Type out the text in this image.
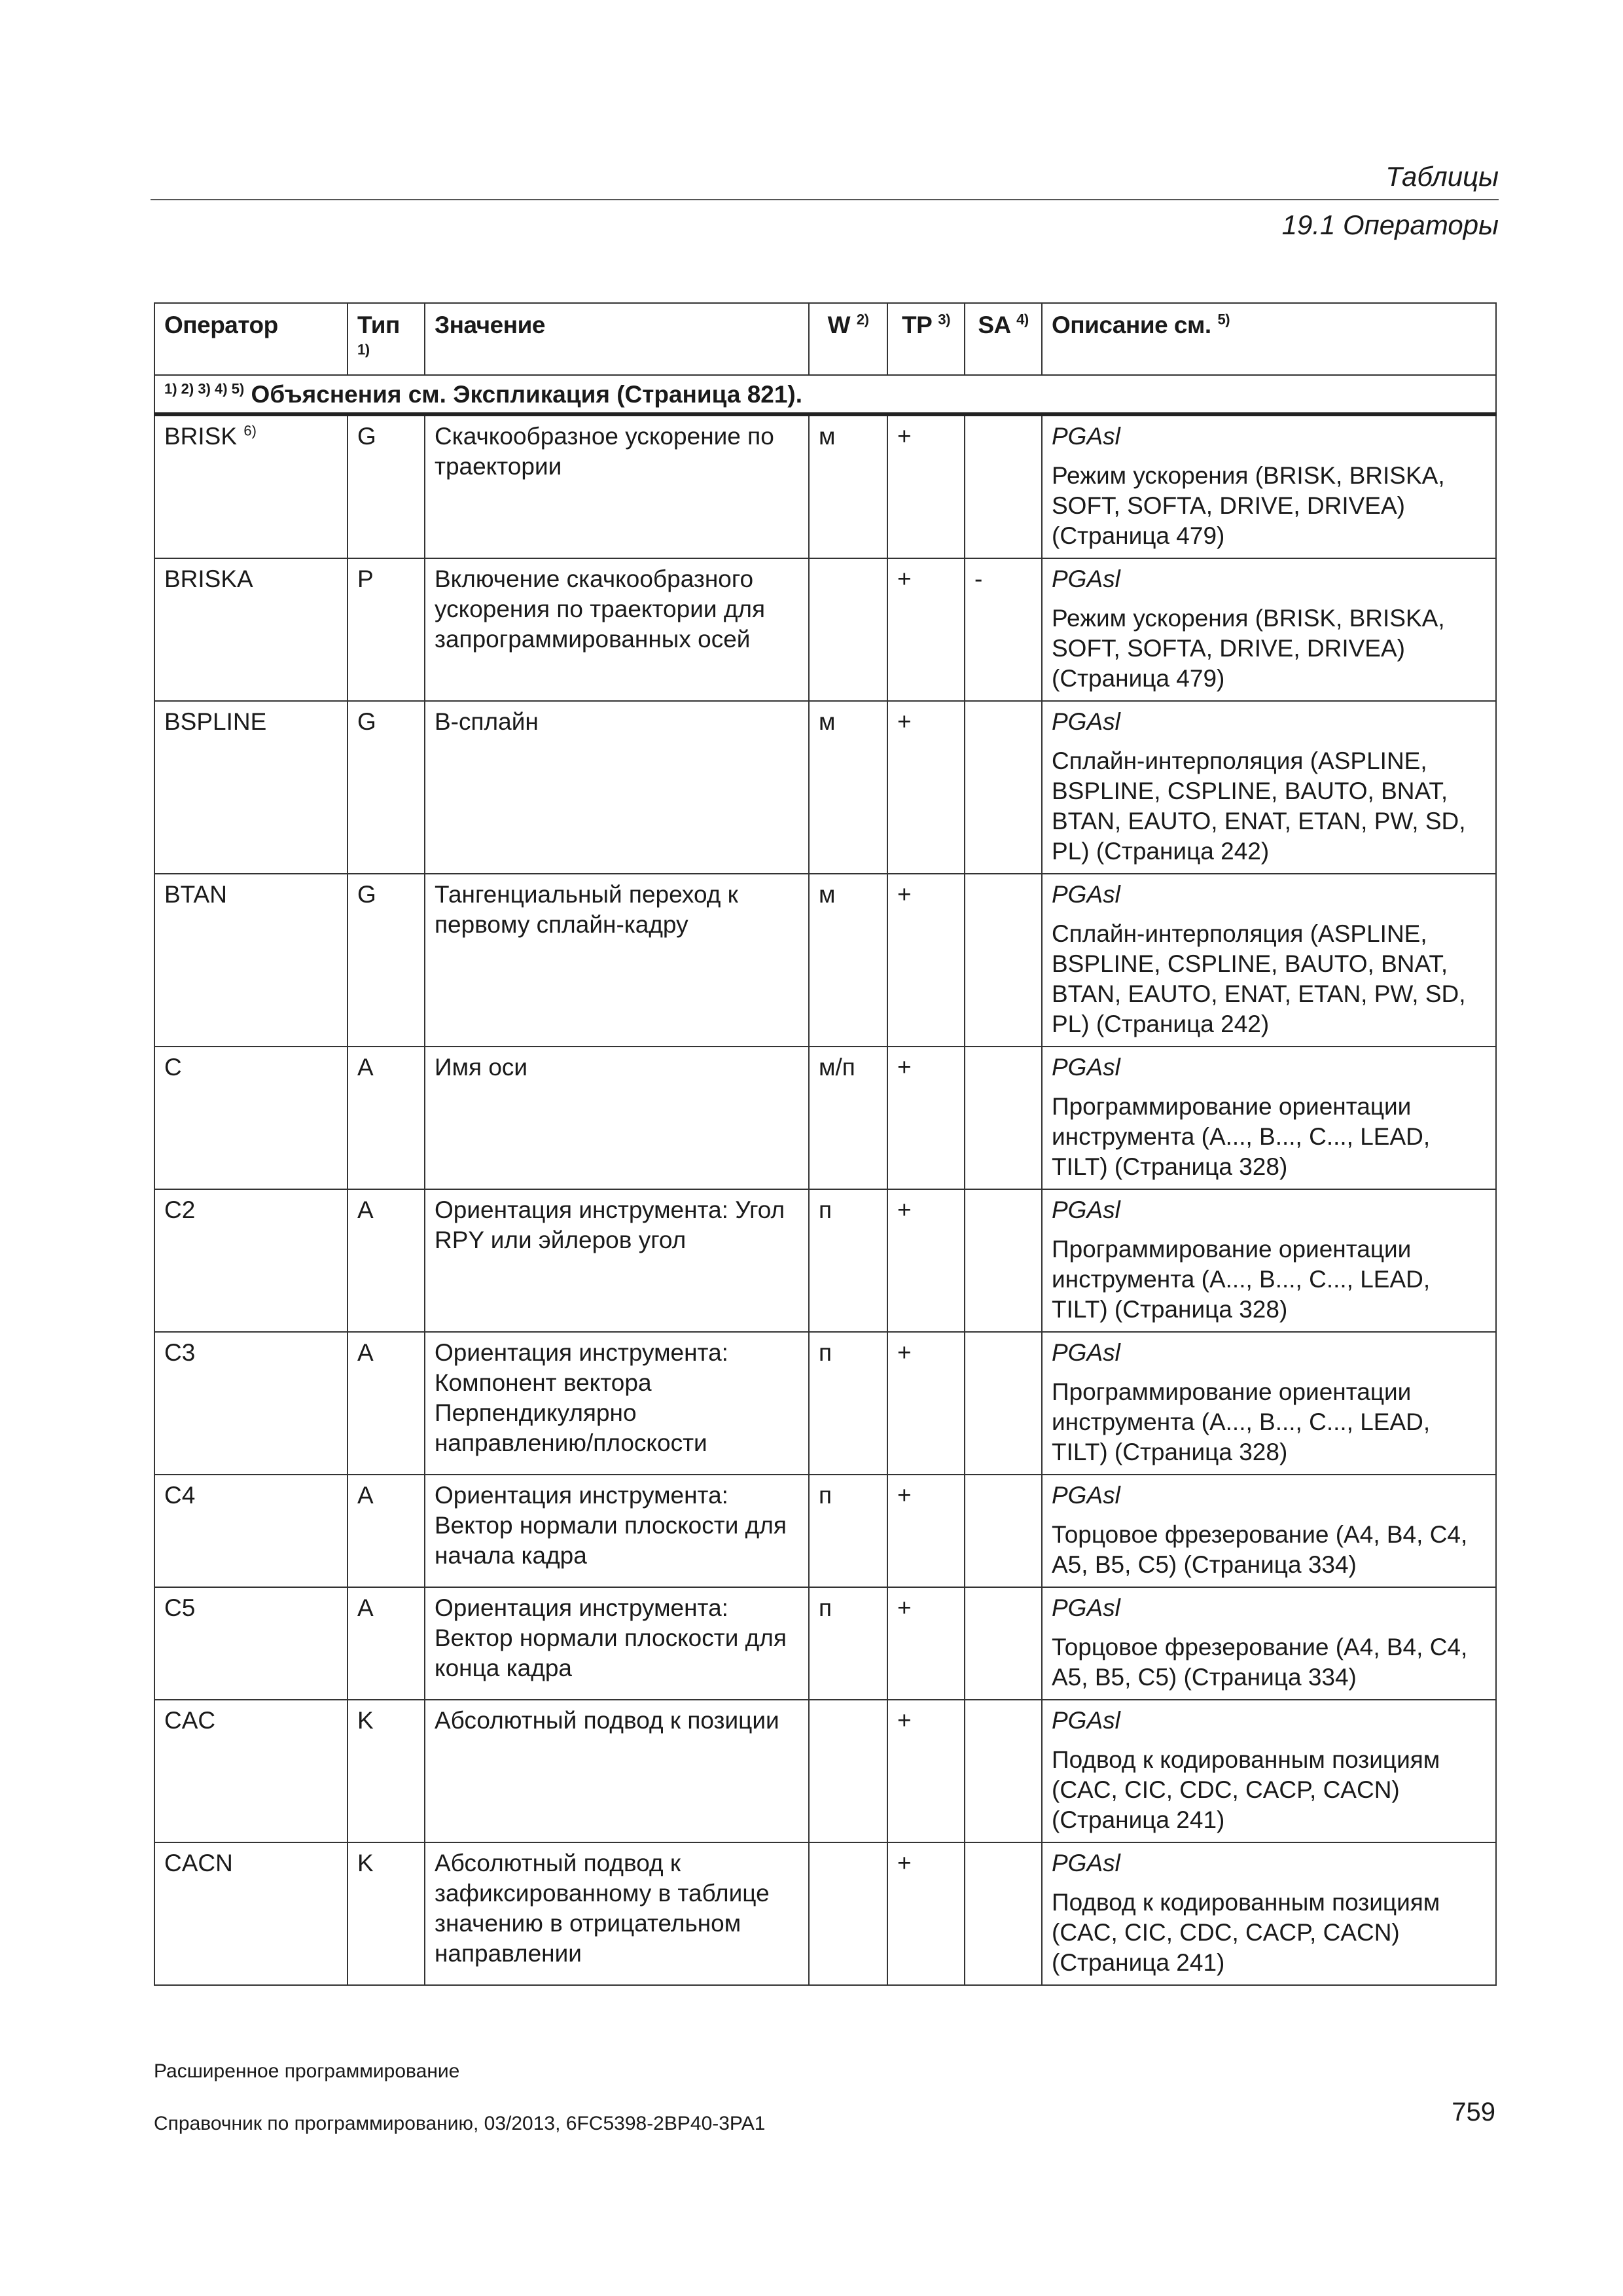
Таблицы
19.1 Операторы
Оператор	Тип $^{1)}$	Значение	W $^{2)}$	TP $^{3)}$	SA $^{4)}$	Описание см. $^{5)}$
$^{1) 2) 3) 4) 5)}$ Объяснения см. Экспликация (Страница 821).						
BRISK $^{6)}$	G	Скачкообразное ускорение по траектории	м	+		PGAsl
Режим ускорения (BRISK, BRISKA, SOFT, SOFTA, DRIVE, DRIVEA) (Страница 479)

BRISKA	P	Включение скачкообразного ускорения по траектории для запрограммированных осей		+	-	PGAsl
Режим ускорения (BRISK, BRISKA, SOFT, SOFTA, DRIVE, DRIVEA) (Страница 479)

BSPLINE	G	B-сплайн	м	+		PGAsl
Сплайн-интерполяция (ASPLINE, BSPLINE, CSPLINE, BAUTO, BNAT, BTAN, EAUTO, ENAT, ETAN, PW, SD, PL) (Страница 242)

BTAN	G	Тангенциальный переход к первому сплайн-кадру	м	+		PGAsl
Сплайн-интерполяция (ASPLINE, BSPLINE, CSPLINE, BAUTO, BNAT, BTAN, EAUTO, ENAT, ETAN, PW, SD, PL) (Страница 242)

C	A	Имя оси	м/п	+		PGAsl
Программирование ориентации инструмента (A..., B..., C..., LEAD, TILT) (Страница 328)

C2	A	Ориентация инструмента: Угол RPY или эйлеров угол	п	+		PGAsl
Программирование ориентации инструмента (A..., B..., C..., LEAD, TILT) (Страница 328)

C3	A	Ориентация инструмента: Компонент вектора Перпендикулярно направлению/плоскости	п	+		PGAsl
Программирование ориентации инструмента (A..., B..., C..., LEAD, TILT) (Страница 328)

C4	A	Ориентация инструмента: Вектор нормали плоскости для начала кадра	п	+		PGAsl
Торцовое фрезерование (A4, B4, C4, A5, B5, C5) (Страница 334)

C5	A	Ориентация инструмента: Вектор нормали плоскости для конца кадра	п	+		PGAsl
Торцовое фрезерование (A4, B4, C4, A5, B5, C5) (Страница 334)

CAC	K	Абсолютный подвод к позиции		+		PGAsl
Подвод к кодированным позициям (CAC, CIC, CDC, CACP, CACN) (Страница 241)

CACN	K	Абсолютный подвод к зафиксированному в таблице значению в отрицательном направлении		+		PGAsl
Подвод к кодированным позициям (CAC, CIC, CDC, CACP, CACN) (Страница 241)
Расширенное программирование
Справочник по программированию, 03/2013, 6FC5398-2BP40-3PA1	759
